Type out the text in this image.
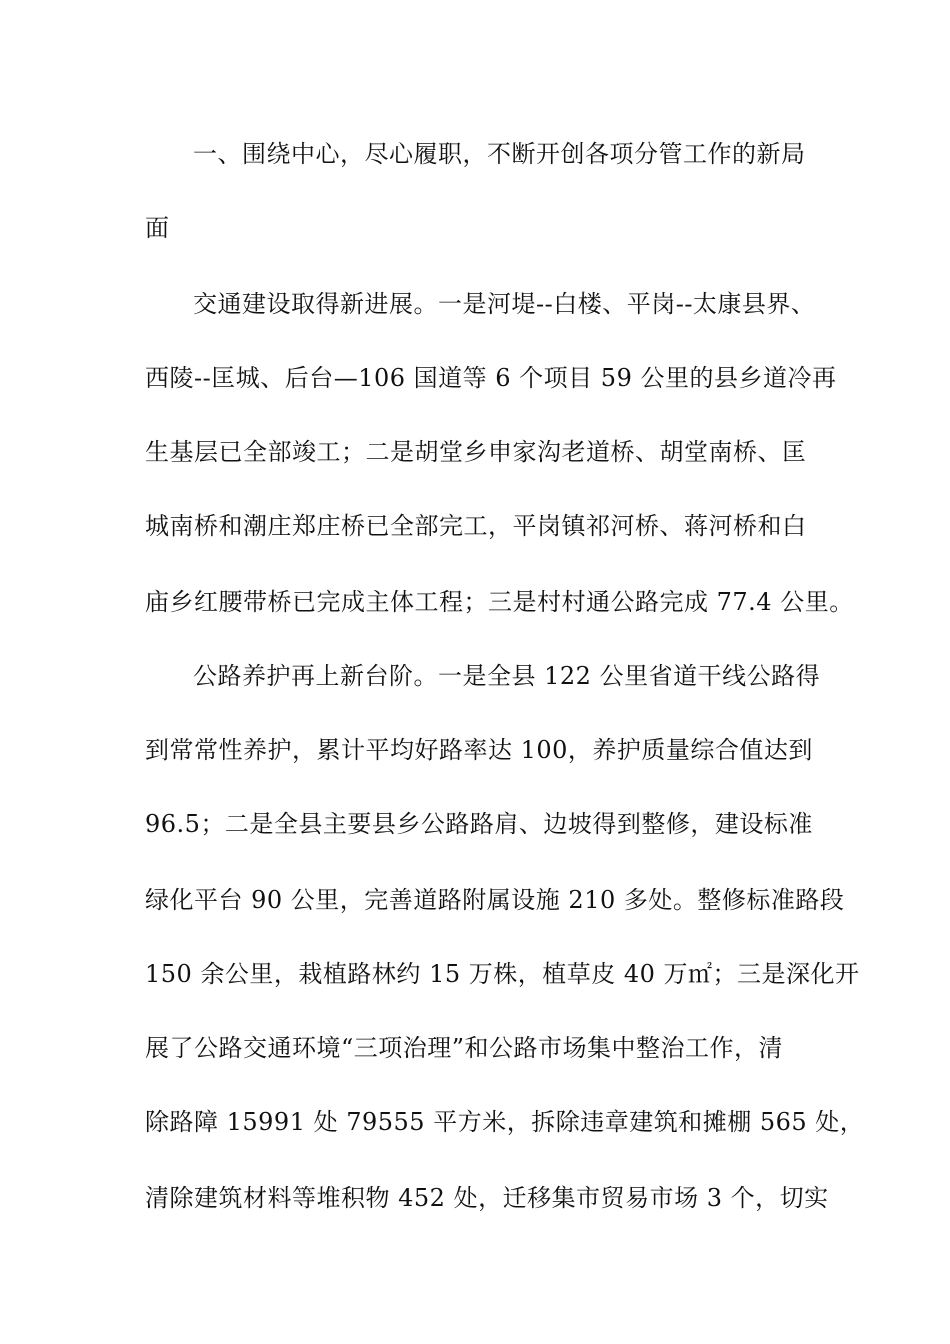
一、围绕中心，尽心履职，不断开创各项分管工作的新局
面
交通建设取得新进展。一是河堤--白楼、平岗--太康县界、
西陵--匡城、后台—106 国道等 6 个项目 59 公里的县乡道冷再
生基层已全部竣工；二是胡堂乡申家沟老道桥、胡堂南桥、匡
城南桥和潮庄郑庄桥已全部完工，平岗镇祁河桥、蒋河桥和白
庙乡红腰带桥已完成主体工程；三是村村通公路完成 77.4 公里。
公路养护再上新台阶。一是全县 122 公里省道干线公路得
到常常性养护，累计平均好路率达 100，养护质量综合值达到
96.5；二是全县主要县乡公路路肩、边坡得到整修，建设标准
绿化平台 90 公里，完善道路附属设施 210 多处。整修标准路段
150 余公里，栽植路林约 15 万株，植草皮 40 万㎡；三是深化开
展了公路交通环境“三项治理”和公路市场集中整治工作，清
除路障 15991 处 79555 平方米，拆除违章建筑和摊棚 565 处，
清除建筑材料等堆积物 452 处，迁移集市贸易市场 3 个，切实
